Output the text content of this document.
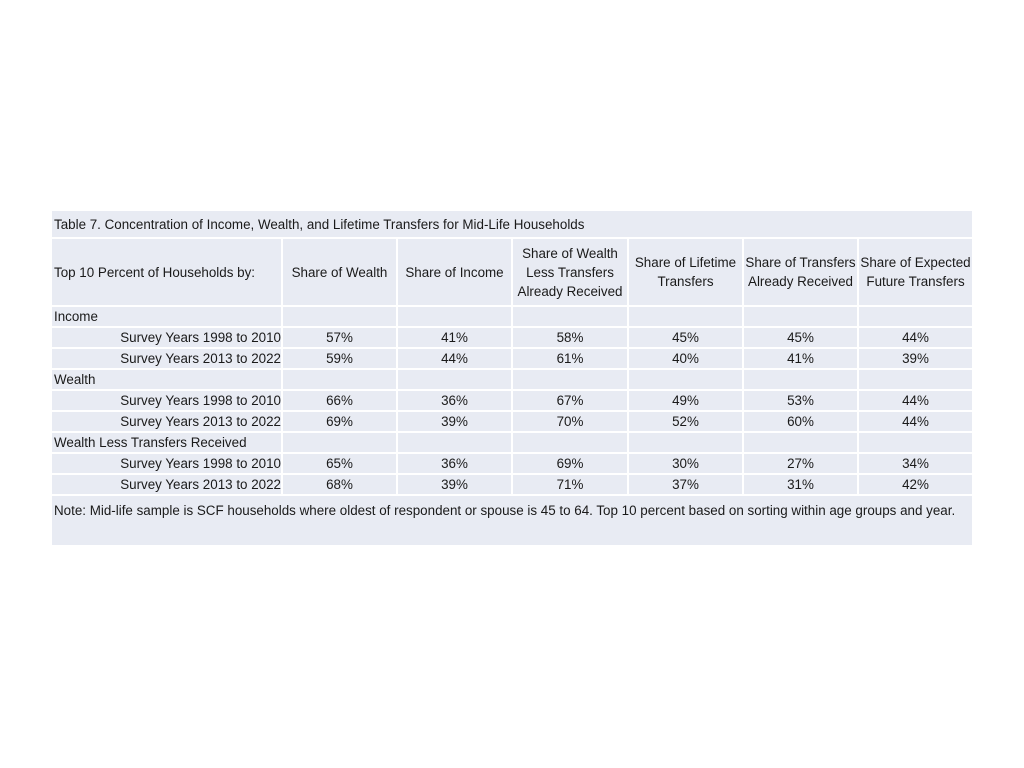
Table 7. Concentration of Income, Wealth, and Lifetime Transfers for Mid-Life Households						
Top 10 Percent of Households by:	Share of Wealth	Share of Income	Share of Wealth Less Transfers Already Received	Share of Lifetime Transfers	Share of Transfers Already Received	Share of Expected Future Transfers
Income						
Survey Years 1998 to 2010	57%	41%	58%	45%	45%	44%
Survey Years 2013 to 2022	59%	44%	61%	40%	41%	39%
Wealth						
Survey Years 1998 to 2010	66%	36%	67%	49%	53%	44%
Survey Years 2013 to 2022	69%	39%	70%	52%	60%	44%
Wealth Less Transfers Received						
Survey Years 1998 to 2010	65%	36%	69%	30%	27%	34%
Survey Years 2013 to 2022	68%	39%	71%	37%	31%	42%
Note: Mid-life sample is SCF households where oldest of respondent or spouse is 45 to 64. Top 10 percent based on sorting within age groups and year.						
